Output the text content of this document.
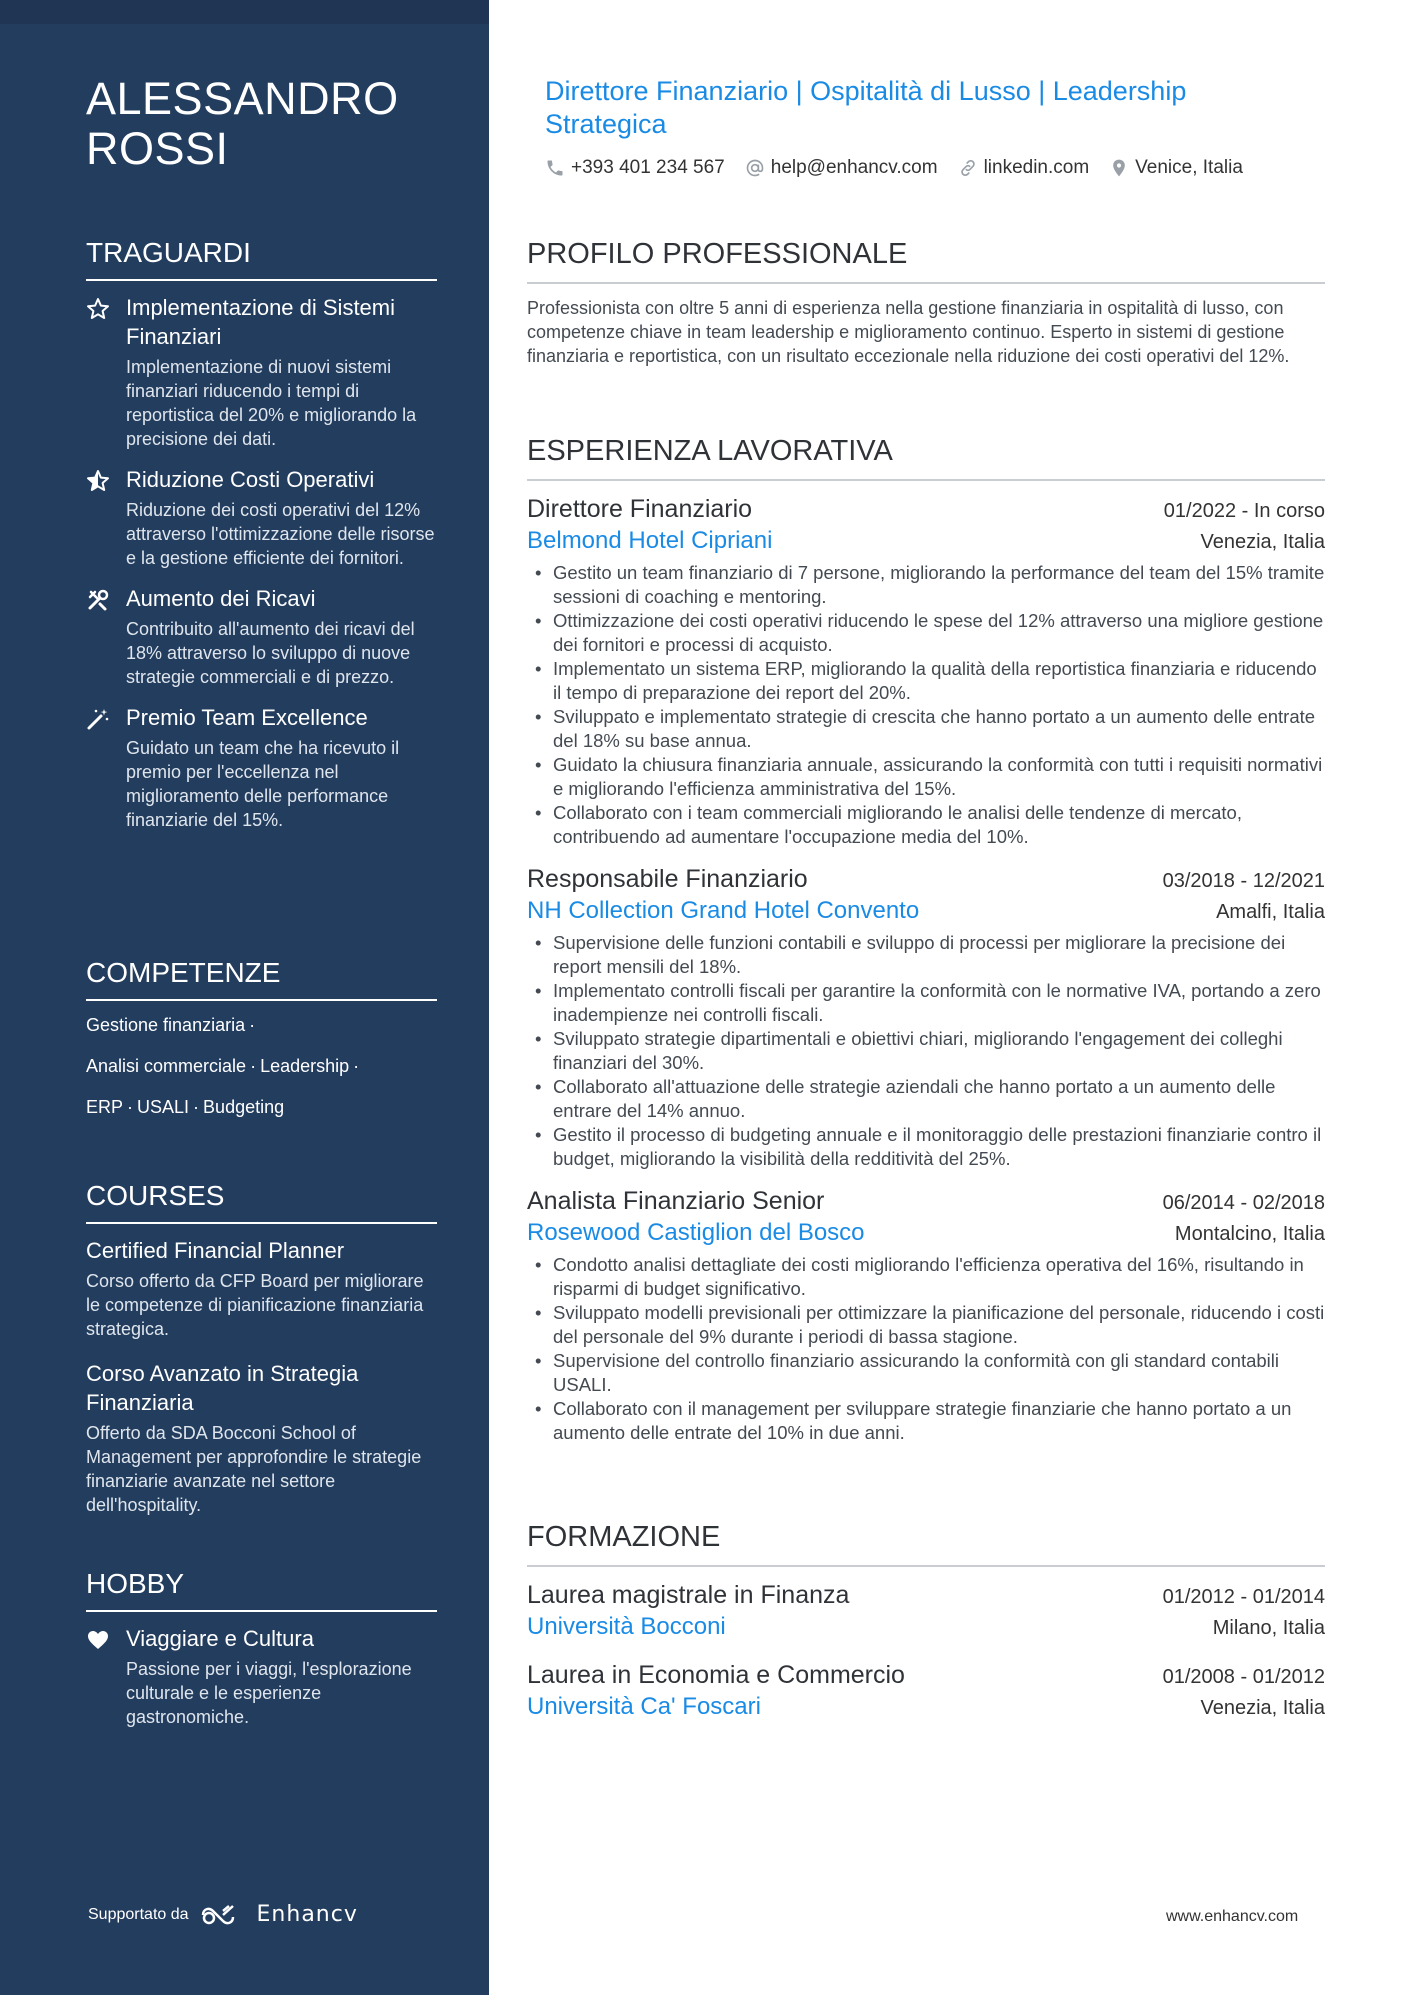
ALESSANDRO
ROSSI
TRAGUARDI
Implementazione di Sistemi Finanziari
Implementazione di nuovi sistemi finanziari riducendo i tempi di reportistica del 20% e migliorando la precisione dei dati.
Riduzione Costi Operativi
Riduzione dei costi operativi del 12% attraverso l'ottimizzazione delle risorse e la gestione efficiente dei fornitori.
Aumento dei Ricavi
Contribuito all'aumento dei ricavi del 18% attraverso lo sviluppo di nuove strategie commerciali e di prezzo.
Premio Team Excellence
Guidato un team che ha ricevuto il premio per l'eccellenza nel miglioramento delle performance finanziarie del 15%.
COMPETENZE
Gestione finanziaria ·
Analisi commerciale · Leadership ·
ERP · USALI · Budgeting
COURSES
Certified Financial Planner
Corso offerto da CFP Board per migliorare le competenze di pianificazione finanziaria strategica.
Corso Avanzato in Strategia Finanziaria
Offerto da SDA Bocconi School of Management per approfondire le strategie finanziarie avanzate nel settore dell'hospitality.
HOBBY
Viaggiare e Cultura
Passione per i viaggi, l'esplorazione culturale e le esperienze gastronomiche.
Supportato da	Enhancv
Direttore Finanziario | Ospitalità di Lusso | Leadership Strategica
+393 401 234 567 help@enhancv.com linkedin.com Venice, Italia
PROFILO PROFESSIONALE
Professionista con oltre 5 anni di esperienza nella gestione finanziaria in ospitalità di lusso, con competenze chiave in team leadership e miglioramento continuo. Esperto in sistemi di gestione finanziaria e reportistica, con un risultato eccezionale nella riduzione dei costi operativi del 12%.
ESPERIENZA LAVORATIVA
Direttore Finanziario	01/2022 - In corso
Belmond Hotel Cipriani	Venezia, Italia
• Gestito un team finanziario di 7 persone, migliorando la performance del team del 15% tramite sessioni di coaching e mentoring.
• Ottimizzazione dei costi operativi riducendo le spese del 12% attraverso una migliore gestione dei fornitori e processi di acquisto.
• Implementato un sistema ERP, migliorando la qualità della reportistica finanziaria e riducendo il tempo di preparazione dei report del 20%.
• Sviluppato e implementato strategie di crescita che hanno portato a un aumento delle entrate del 18% su base annua.
• Guidato la chiusura finanziaria annuale, assicurando la conformità con tutti i requisiti normativi e migliorando l'efficienza amministrativa del 15%.
• Collaborato con i team commerciali migliorando le analisi delle tendenze di mercato, contribuendo ad aumentare l'occupazione media del 10%.
Responsabile Finanziario	03/2018 - 12/2021
NH Collection Grand Hotel Convento	Amalfi, Italia
• Supervisione delle funzioni contabili e sviluppo di processi per migliorare la precisione dei report mensili del 18%.
• Implementato controlli fiscali per garantire la conformità con le normative IVA, portando a zero inadempienze nei controlli fiscali.
• Sviluppato strategie dipartimentali e obiettivi chiari, migliorando l'engagement dei colleghi finanziari del 30%.
• Collaborato all'attuazione delle strategie aziendali che hanno portato a un aumento delle entrare del 14% annuo.
• Gestito il processo di budgeting annuale e il monitoraggio delle prestazioni finanziarie contro il budget, migliorando la visibilità della redditività del 25%.
Analista Finanziario Senior	06/2014 - 02/2018
Rosewood Castiglion del Bosco	Montalcino, Italia
• Condotto analisi dettagliate dei costi migliorando l'efficienza operativa del 16%, risultando in risparmi di budget significativo.
• Sviluppato modelli previsionali per ottimizzare la pianificazione del personale, riducendo i costi del personale del 9% durante i periodi di bassa stagione.
• Supervisione del controllo finanziario assicurando la conformità con gli standard contabili USALI.
• Collaborato con il management per sviluppare strategie finanziarie che hanno portato a un aumento delle entrate del 10% in due anni.
FORMAZIONE
Laurea magistrale in Finanza	01/2012 - 01/2014
Università Bocconi	Milano, Italia
Laurea in Economia e Commercio	01/2008 - 01/2012
Università Ca' Foscari	Venezia, Italia
www.enhancv.com
